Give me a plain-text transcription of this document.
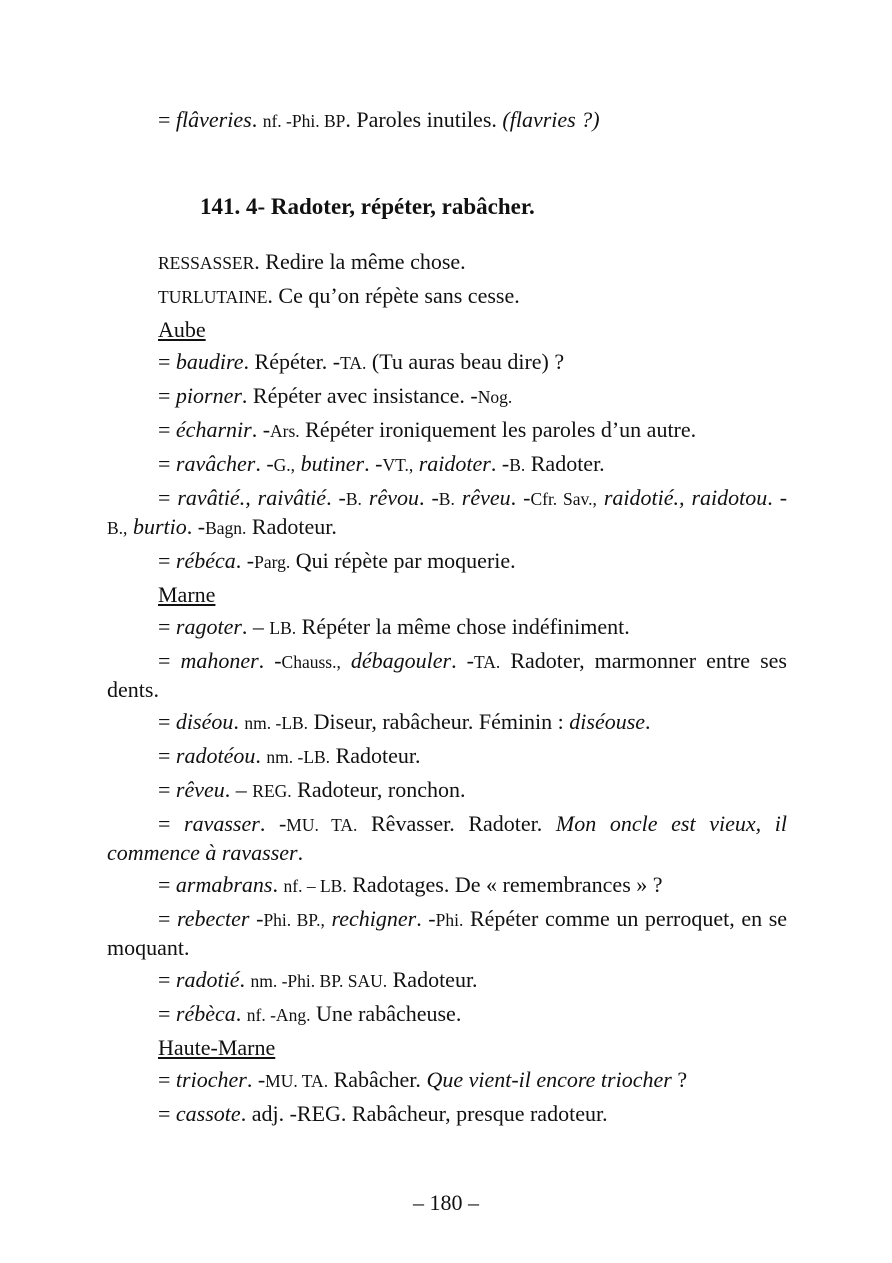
= flâveries. nf. -Phi. BP. Paroles inutiles. (flavries ?)

141. 4- Radoter, répéter, rabâcher.

RESSASSER. Redire la même chose.

TURLUTAINE. Ce qu’on répète sans cesse.

Aube

= baudire. Répéter. -TA. (Tu auras beau dire) ?

= piorner. Répéter avec insistance. -Nog.

= écharnir. -Ars. Répéter ironiquement les paroles d’un autre.

= ravâcher. -G., butiner. -VT., raidoter. -B. Radoter.

= ravâtié., raivâtié. -B. rêvou. -B. rêveu. -Cfr. Sav., raidotié., raidotou. -B., burtio. -Bagn. Radoteur.

= rébéca. -Parg. Qui répète par moquerie.

Marne

= ragoter. – LB. Répéter la même chose indéfiniment.

= mahoner. -Chauss., débagouler. -TA. Radoter, marmonner entre ses dents.

= diséou. nm. -LB. Diseur, rabâcheur. Féminin : diséouse.

= radotéou. nm. -LB. Radoteur.

= rêveu. – REG. Radoteur, ronchon.

= ravasser. -MU. TA. Rêvasser. Radoter. Mon oncle est vieux, il commence à ravasser.

= armabrans. nf. – LB. Radotages. De « remembrances » ?

= rebecter -Phi. BP., rechigner. -Phi. Répéter comme un perroquet, en se moquant.

= radotié. nm. -Phi. BP. SAU. Radoteur.

= rébèca. nf. -Ang. Une rabâcheuse.

Haute-Marne

= triocher. -MU. TA. Rabâcher. Que vient-il encore triocher ?

= cassote. adj. -REG. Rabâcheur, presque radoteur.

– 180 –
